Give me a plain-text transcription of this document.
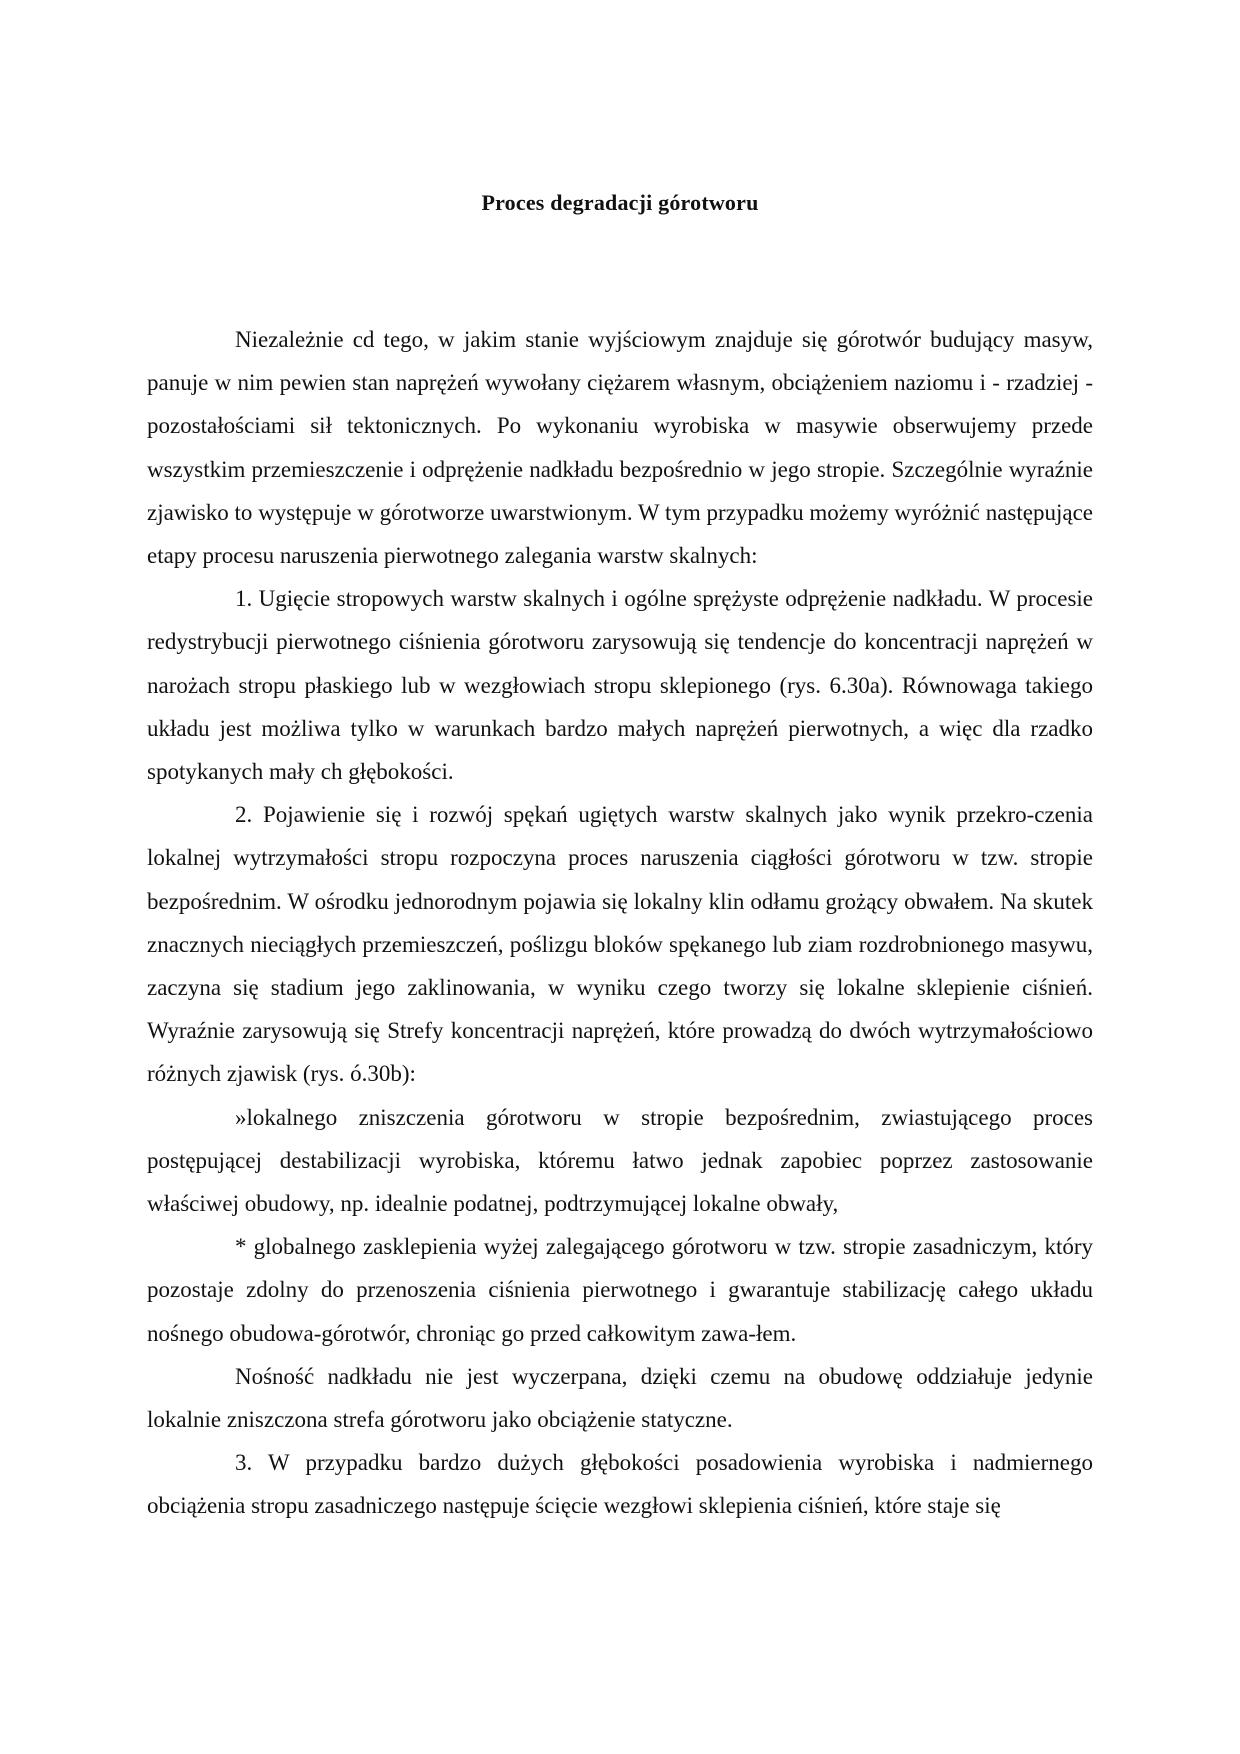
Proces degradacji górotworu

Niezależnie cd tego, w jakim stanie wyjściowym znajduje się górotwór budujący masyw, panuje w nim pewien stan naprężeń wywołany ciężarem własnym, obciążeniem naziomu i - rzadziej - pozostałościami sił tektonicznych. Po wykonaniu wyrobiska w masywie obserwujemy przede wszystkim przemieszczenie i odprężenie nadkładu bezpośrednio w jego stropie. Szczególnie wyraźnie zjawisko to występuje w górotworze uwarstwionym. W tym przypadku możemy wyróżnić następujące etapy procesu naruszenia pierwotnego zalegania warstw skalnych:

1. Ugięcie stropowych warstw skalnych i ogólne sprężyste odprężenie nadkładu. W procesie redystrybucji pierwotnego ciśnienia górotworu zarysowują się tendencje do koncentracji naprężeń w narożach stropu płaskiego lub w wezgłowiach stropu sklepionego (rys. 6.30a). Równowaga takiego układu jest możliwa tylko w warunkach bardzo małych naprężeń pierwotnych, a więc dla rzadko spotykanych mały ch głębokości.

2. Pojawienie się i rozwój spękań ugiętych warstw skalnych jako wynik przekro-czenia lokalnej wytrzymałości stropu rozpoczyna proces naruszenia ciągłości górotworu w tzw. stropie bezpośrednim. W ośrodku jednorodnym pojawia się lokalny klin odłamu grożący obwałem. Na skutek znacznych nieciągłych przemieszczeń, poślizgu bloków spękanego lub ziam rozdrobnionego masywu, zaczyna się stadium jego zaklinowania, w wyniku czego tworzy się lokalne sklepienie ciśnień. Wyraźnie zarysowują się Strefy koncentracji naprężeń, które prowadzą do dwóch wytrzymałościowo różnych zjawisk (rys. ó.30b):

»lokalnego zniszczenia górotworu w stropie bezpośrednim, zwiastującego proces postępującej destabilizacji wyrobiska, któremu łatwo jednak zapobiec poprzez zastosowanie właściwej obudowy, np. idealnie podatnej, podtrzymującej lokalne obwały,

* globalnego zasklepienia wyżej zalegającego górotworu w tzw. stropie zasadniczym, który pozostaje zdolny do przenoszenia ciśnienia pierwotnego i gwarantuje stabilizację całego układu nośnego obudowa-górotwór, chroniąc go przed całkowitym zawa-łem.

Nośność nadkładu nie jest wyczerpana, dzięki czemu na obudowę oddziałuje jedynie lokalnie zniszczona strefa górotworu jako obciążenie statyczne.

3. W przypadku bardzo dużych głębokości posadowienia wyrobiska i nadmiernego obciążenia stropu zasadniczego następuje ścięcie wezgłowi sklepienia ciśnień, które staje się
